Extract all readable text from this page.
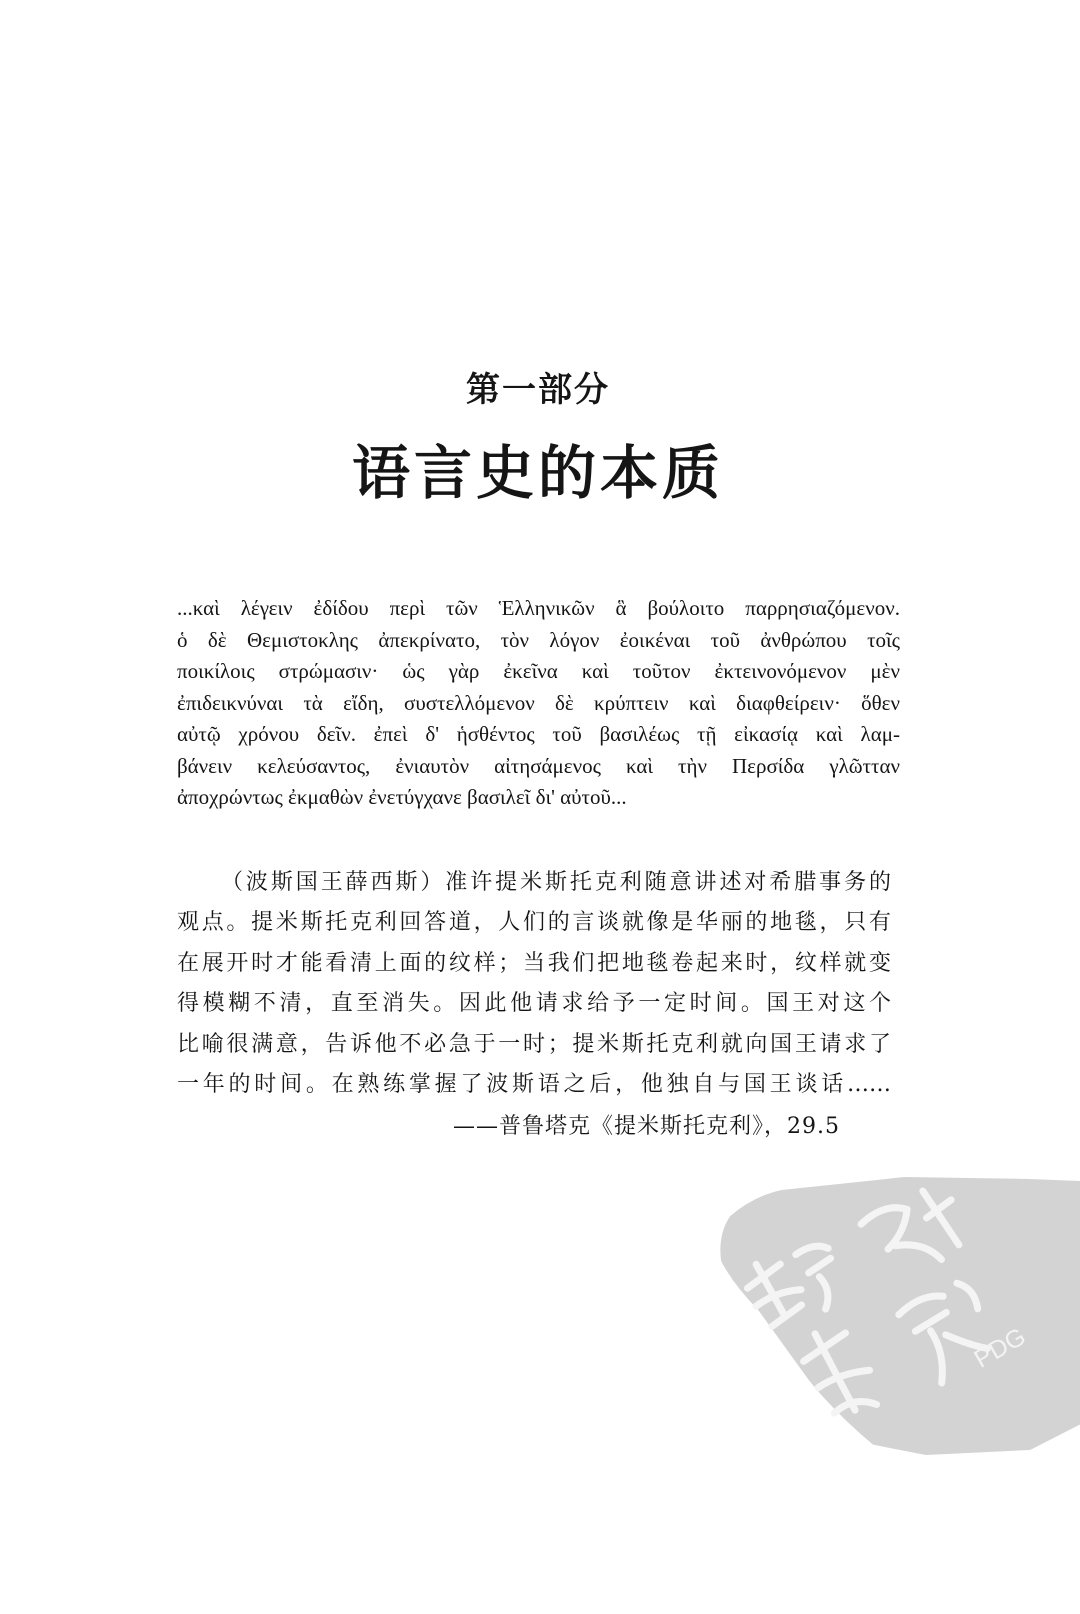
第一部分
语言史的本质
...καὶ λέγειν ἐδίδου περὶ τῶν Ἑλληνικῶν ἃ βούλοιτο παρρησιαζόμενον.
ὁ δὲ Θεμιστοκλης ἀπεκρίνατο, τὸν λόγον ἐοικέναι τοῦ ἀνθρώπου τοῖς
ποικίλοις στρώμασιν· ὡς γὰρ ἐκεῖνα καὶ τοῦτον ἐκτεινονόμενον μὲν
ἐπιδεικνύναι τὰ εἴδη, συστελλόμενον δὲ κρύπτειν καὶ διαφθείρειν· ὅθεν
αὐτῷ χρόνου δεῖν. ἐπεὶ δ' ἡσθέντος τοῦ βασιλέως τῇ εἰκασίᾳ καὶ λαμ-
βάνειν κελεύσαντος, ἐνιαυτὸν αἰτησάμενος καὶ τὴν Περσίδα γλῶτταν
ἀποχρώντως ἐκμαθὼν ἐνετύγχανε βασιλεῖ δι' αὐτοῦ...
（波斯国王薛西斯）准许提米斯托克利随意讲述对希腊事务的
观点。提米斯托克利回答道，人们的言谈就像是华丽的地毯，只有
在展开时才能看清上面的纹样；当我们把地毯卷起来时，纹样就变
得模糊不清，直至消失。因此他请求给予一定时间。国王对这个
比喻很满意，告诉他不必急于一时；提米斯托克利就向国王请求了
一年的时间。在熟练掌握了波斯语之后，他独自与国王谈话……
——普鲁塔克《提米斯托克利》，29.5
PDG
